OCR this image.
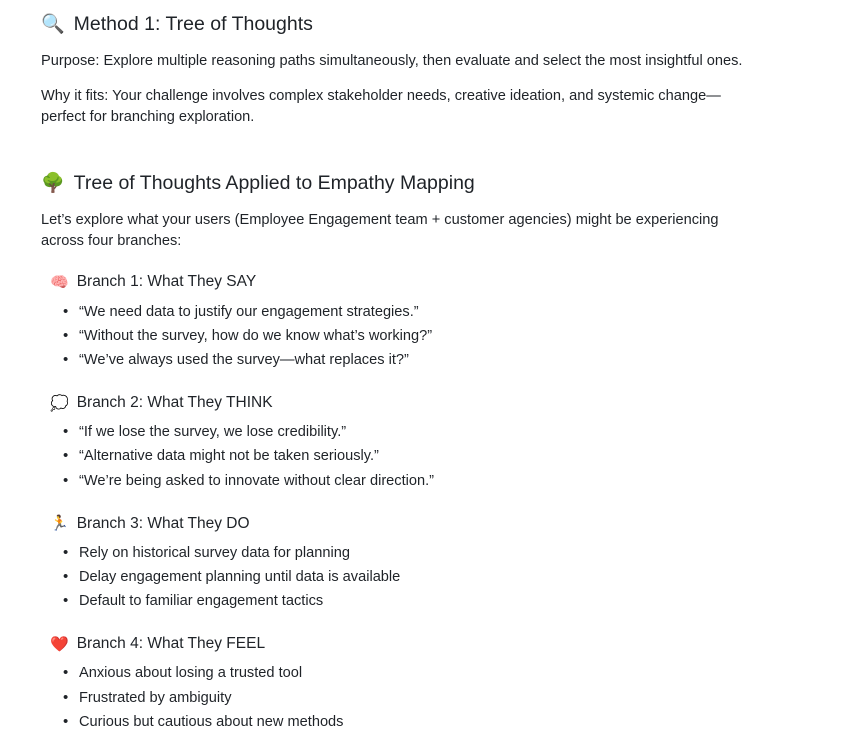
🔍 Method 1: Tree of Thoughts

Purpose: Explore multiple reasoning paths simultaneously, then evaluate and select the most insightful ones.

Why it fits: Your challenge involves complex stakeholder needs, creative ideation, and systemic change—perfect for branching exploration.

🌳 Tree of Thoughts Applied to Empathy Mapping

Let’s explore what your users (Employee Engagement team + customer agencies) might be experiencing across four branches:

🧠 Branch 1: What They SAY
• “We need data to justify our engagement strategies.”
• “Without the survey, how do we know what’s working?”
• “We’ve always used the survey—what replaces it?”
💭 Branch 2: What They THINK
• “If we lose the survey, we lose credibility.”
• “Alternative data might not be taken seriously.”
• “We’re being asked to innovate without clear direction.”
🏃 Branch 3: What They DO
• Rely on historical survey data for planning
• Delay engagement planning until data is available
• Default to familiar engagement tactics
❤️ Branch 4: What They FEEL
• Anxious about losing a trusted tool
• Frustrated by ambiguity
• Curious but cautious about new methods
